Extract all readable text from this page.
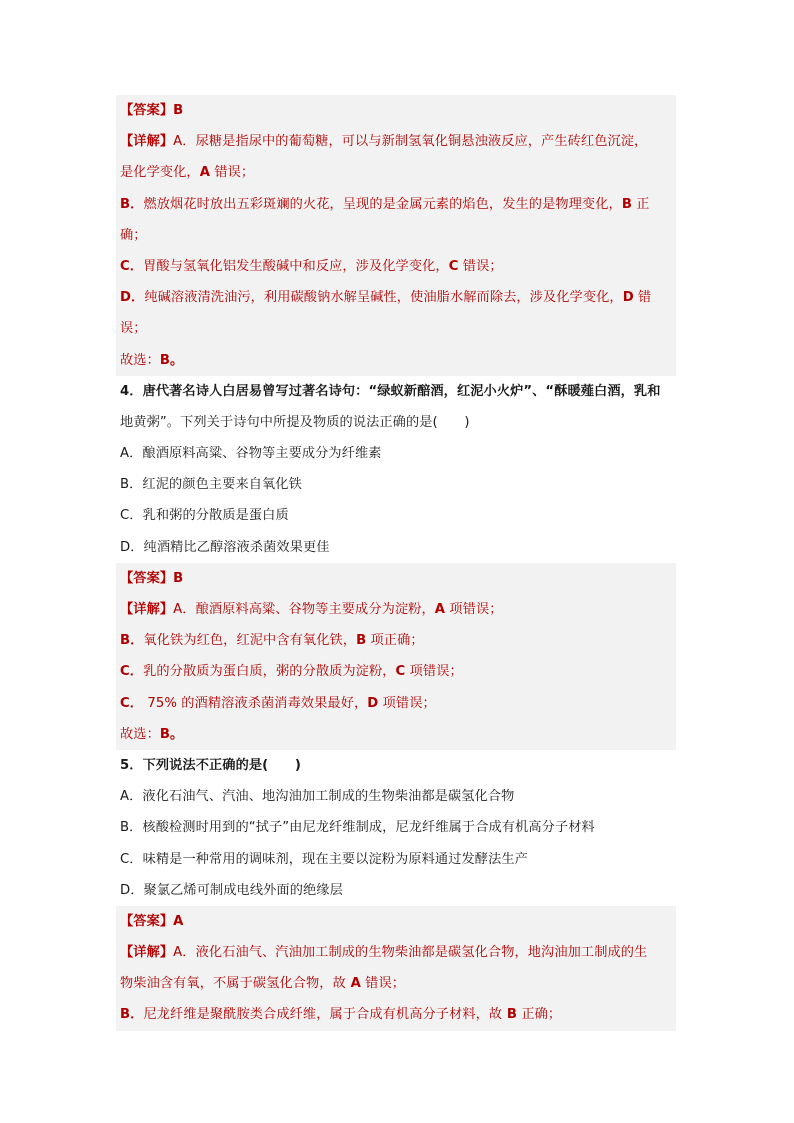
【答案】B
【详解】A．尿糖是指尿中的葡萄糖，可以与新制氢氧化铜悬浊液反应，产生砖红色沉淀，
是化学变化，A 错误；
B．燃放烟花时放出五彩斑斓的火花，呈现的是金属元素的焰色，发生的是物理变化，B 正
确；
C．胃酸与氢氧化铝发生酸碱中和反应，涉及化学变化，C 错误；
D．纯碱溶液清洗油污，利用碳酸钠水解呈碱性，使油脂水解而除去，涉及化学变化，D 错
误；
故选：B。
4．唐代著名诗人白居易曾写过著名诗句：“绿蚁新醅酒，红泥小火炉”、“酥暖薤白酒，乳和
地黄粥”。下列关于诗句中所提及物质的说法正确的是(　　)
A．酿酒原料高粱、谷物等主要成分为纤维素
B．红泥的颜色主要来自氧化铁
C．乳和粥的分散质是蛋白质
D．纯酒精比乙醇溶液杀菌效果更佳
【答案】B
【详解】A．酿酒原料高粱、谷物等主要成分为淀粉，A 项错误；
B．氧化铁为红色，红泥中含有氧化铁，B 项正确；
C．乳的分散质为蛋白质，粥的分散质为淀粉，C 项错误；
C． 75% 的酒精溶液杀菌消毒效果最好，D 项错误；
故选：B。
5．下列说法不正确的是(　　)
A．液化石油气、汽油、地沟油加工制成的生物柴油都是碳氢化合物
B．核酸检测时用到的“拭子”由尼龙纤维制成，尼龙纤维属于合成有机高分子材料
C．味精是一种常用的调味剂，现在主要以淀粉为原料通过发酵法生产
D．聚氯乙烯可制成电线外面的绝缘层
【答案】A
【详解】A．液化石油气、汽油加工制成的生物柴油都是碳氢化合物，地沟油加工制成的生
物柴油含有氧，不属于碳氢化合物，故 A 错误；
B．尼龙纤维是聚酰胺类合成纤维，属于合成有机高分子材料，故 B 正确；
